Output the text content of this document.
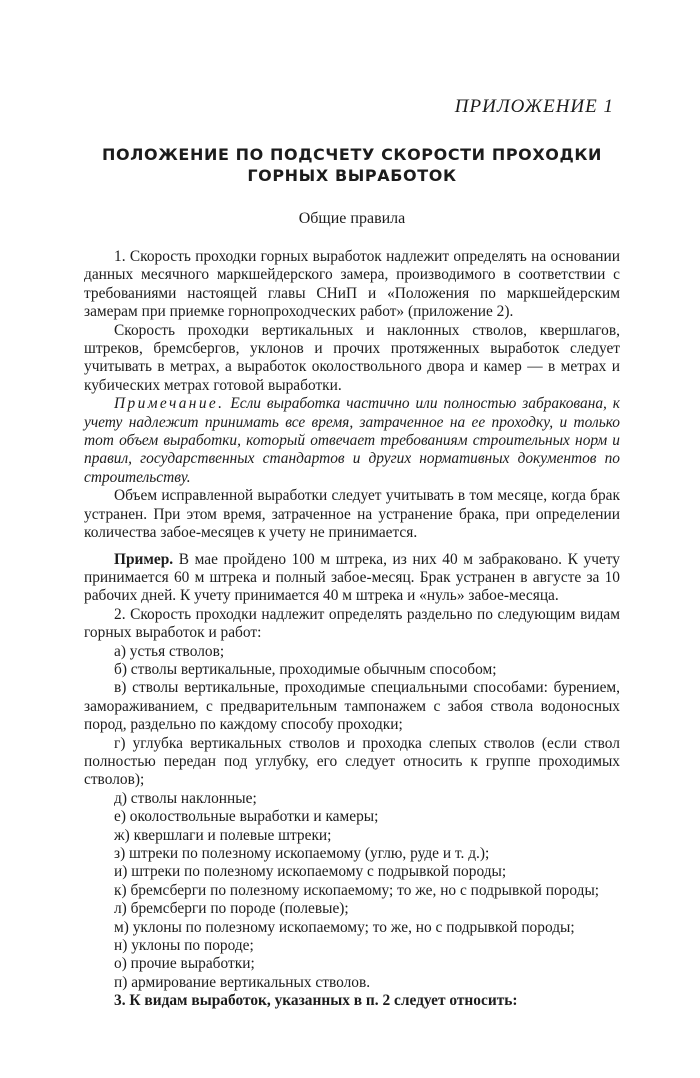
ПРИЛОЖЕНИЕ 1
ПОЛОЖЕНИЕ ПО ПОДСЧЕТУ СКОРОСТИ ПРОХОДКИ
ГОРНЫХ ВЫРАБОТОК
Общие правила

1. Скорость проходки горных выработок надлежит определять на основании данных месячного маркшейдерского замера, производимого в соответствии с требованиями настоящей главы СНиП и «Положения по маркшейдерским замерам при приемке горнопроходческих работ» (приложение 2).

Скорость проходки вертикальных и наклонных стволов, квершлагов, штреков, бремсбергов, уклонов и прочих протяженных выработок следует учитывать в метрах, а выработок околоствольного двора и камер — в метрах и кубических метрах готовой выработки.

Примечание. Если выработка частично или полностью забракована, к учету надлежит принимать все время, затраченное на ее проходку, и только тот объем выработки, который отвечает требованиям строительных норм и правил, государственных стандартов и других нормативных документов по строительству.

Объем исправленной выработки следует учитывать в том месяце, когда брак устранен. При этом время, затраченное на устранение брака, при определении количества забое-месяцев к учету не принимается.

Пример. В мае пройдено 100 м штрека, из них 40 м забраковано. К учету принимается 60 м штрека и полный забое-месяц. Брак устранен в августе за 10 рабочих дней. К учету принимается 40 м штрека и «нуль» забое-месяца.

2. Скорость проходки надлежит определять раздельно по следующим видам горных выработок и работ:

а) устья стволов;

б) стволы вертикальные, проходимые обычным способом;

в) стволы вертикальные, проходимые специальными способами: бурением, замораживанием, с предварительным тампонажем с забоя ствола водоносных пород, раздельно по каждому способу проходки;

г) углубка вертикальных стволов и проходка слепых стволов (если ствол полностью передан под углубку, его следует относить к группе проходимых стволов);

д) стволы наклонные;

е) околоствольные выработки и камеры;

ж) квершлаги и полевые штреки;

з) штреки по полезному ископаемому (углю, руде и т. д.);

и) штреки по полезному ископаемому с подрывкой породы;

к) бремсберги по полезному ископаемому; то же, но с подрывкой породы;

л) бремсберги по породе (полевые);

м) уклоны по полезному ископаемому; то же, но с подрывкой породы;

н) уклоны по породе;

о) прочие выработки;

п) армирование вертикальных стволов.

3. К видам выработок, указанных в п. 2 следует относить:
